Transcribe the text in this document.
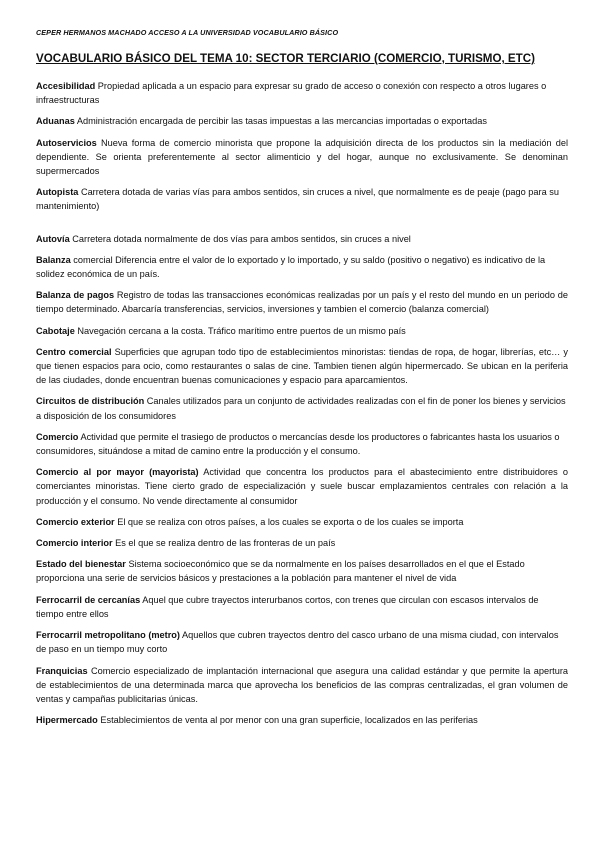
CEPER HERMANOS MACHADO ACCESO A LA UNIVERSIDAD VOCABULARIO BÁSICO
VOCABULARIO BÁSICO DEL TEMA 10: SECTOR TERCIARIO (COMERCIO, TURISMO, ETC)
Accesibilidad Propiedad aplicada a un espacio para expresar su grado de acceso o conexión con respecto a otros lugares o infraestructuras
Aduanas Administración encargada de percibir las tasas impuestas a las mercancias importadas o exportadas
Autoservicios Nueva forma de comercio minorista que propone la adquisición directa de los productos sin la mediación del dependiente. Se orienta preferentemente al sector alimenticio y del hogar, aunque no exclusivamente. Se denominan supermercados
Autopista Carretera dotada de varias vías para ambos sentidos, sin cruces a nivel, que normalmente es de peaje (pago para su mantenimiento)
Autovía Carretera dotada normalmente de dos vías para ambos sentidos, sin cruces a nivel
Balanza comercial Diferencia entre el valor de lo exportado y lo importado, y su saldo (positivo o negativo) es indicativo de la solidez económica de un país.
Balanza de pagos Registro de todas las transacciones económicas realizadas por un país y el resto del mundo en un periodo de tiempo determinado. Abarcaría transferencias, servicios, inversiones y tambien el comercio (balanza comercial)
Cabotaje Navegación cercana a la costa. Tráfico marítimo entre puertos de un mismo país
Centro comercial Superficies que agrupan todo tipo de establecimientos minoristas: tiendas de ropa, de hogar, librerías, etc… y que tienen espacios para ocio, como restaurantes o salas de cine. Tambien tienen algún hipermercado. Se ubican en la periferia de las ciudades, donde encuentran buenas comunicaciones y espacio para aparcamientos.
Circuitos de distribución Canales utilizados para un conjunto de actividades realizadas con el fin de poner los bienes y servicios a disposición de los consumidores
Comercio Actividad que permite el trasiego de productos o mercancías desde los productores o fabricantes hasta los usuarios o consumidores, situándose a mitad de camino entre la producción y el consumo.
Comercio al por mayor (mayorista) Actividad que concentra los productos para el abastecimiento entre distribuidores o comerciantes minoristas. Tiene cierto grado de especialización y suele buscar emplazamientos centrales con relación a la producción y el consumo. No vende directamente al consumidor
Comercio exterior El que se realiza con otros países, a los cuales se exporta o de los cuales se importa
Comercio interior Es el que se realiza dentro de las fronteras de un país
Estado del bienestar Sistema socioeconómico que se da normalmente en los países desarrollados en el que el Estado proporciona una serie de servicios básicos y prestaciones a la población para mantener el nivel de vida
Ferrocarril de cercanías Aquel que cubre trayectos interurbanos cortos, con trenes que circulan con escasos intervalos de tiempo entre ellos
Ferrocarril metropolitano (metro) Aquellos que cubren trayectos dentro del casco urbano de una misma ciudad, con intervalos de paso en un tiempo muy corto
Franquicias Comercio especializado de implantación internacional que asegura una calidad estándar y que permite la apertura de establecimientos de una determinada marca que aprovecha los beneficios de las compras centralizadas, el gran volumen de ventas y campañas publicitarias únicas.
Hipermercado Establecimientos de venta al por menor con una gran superficie, localizados en las periferias
